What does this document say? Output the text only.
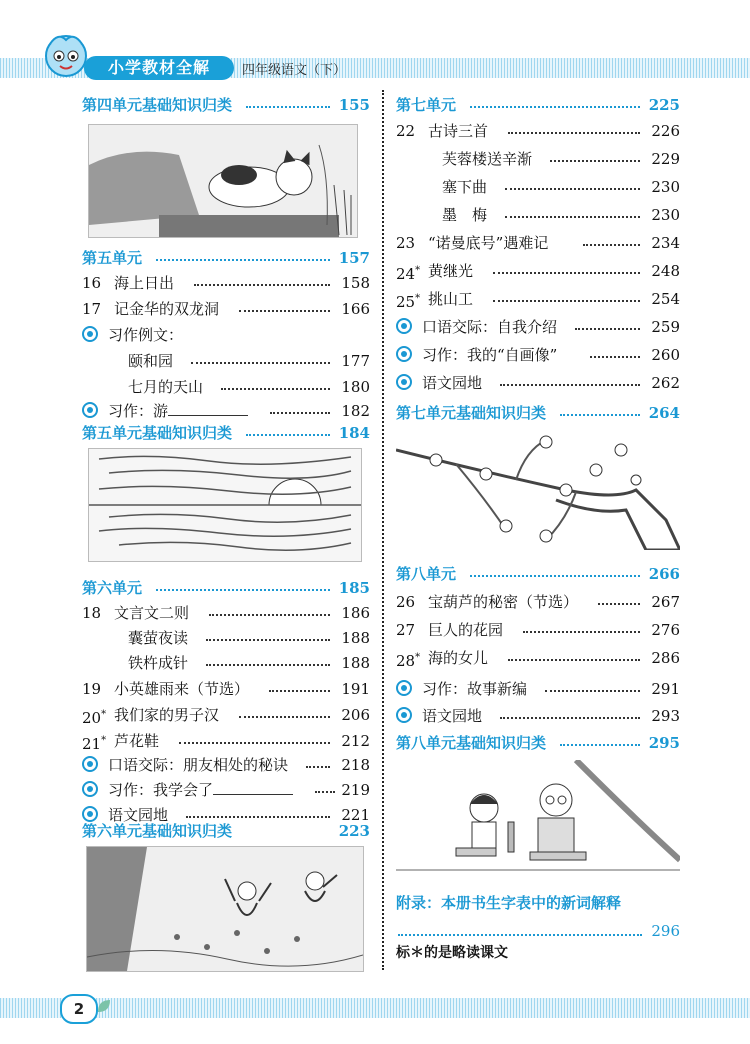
小学教材全解	四年级语文（下）
第四单元基础知识归类	155
第五单元	157
16 海上日出	158
17 记金华的双龙洞	166
习作例文：
颐和园	177
七月的天山	180
习作：游	182
第五单元基础知识归类	184
第六单元	185
18 文言文二则	186
囊萤夜读	188
铁杵成针	188
19 小英雄雨来（节选）	191
20* 我们家的男子汉	206
21* 芦花鞋	212
口语交际：朋友相处的秘诀	218
习作：我学会了	219
语文园地	221
第六单元基础知识归类	223
第七单元	225
22 古诗三首	226
芙蓉楼送辛渐	229
塞下曲	230
墨　梅	230
23 “诺曼底号”遇难记	234
24* 黄继光	248
25* 挑山工	254
口语交际：自我介绍	259
习作：我的“自画像”	260
语文园地	262
第七单元基础知识归类	264
第八单元	266
26 宝葫芦的秘密（节选）	267
27 巨人的花园	276
28* 海的女儿	286
习作：故事新编	291
语文园地	293
第八单元基础知识归类	295
附录：本册书生字表中的新词解释
296
标＊的是略读课文
2
